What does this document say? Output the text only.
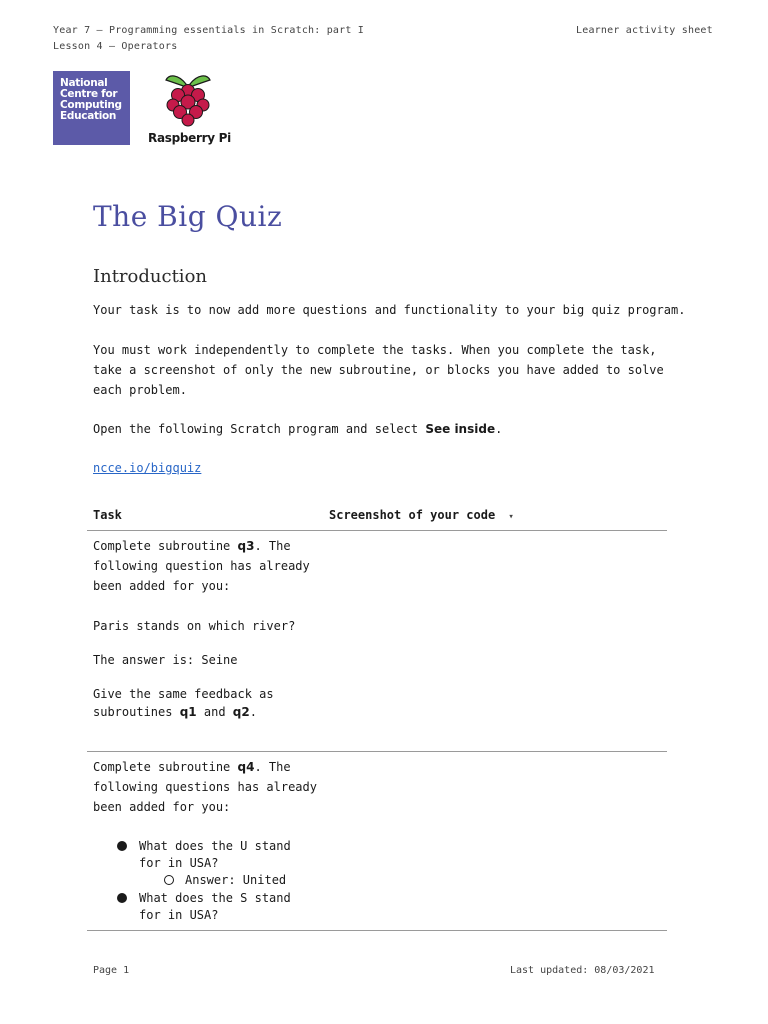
Year 7 – Programming essentials in Scratch: part I
Lesson 4 – Operators
Learner activity sheet
National
Centre for
Computing
Education
Raspberry Pi
The Big Quiz
Introduction
Your task is to now add more questions and functionality to your big quiz program.
You must work independently to complete the tasks. When you complete the task,
take a screenshot of only the new subroutine, or blocks you have added to solve
each problem.
Open the following Scratch program and select See inside.
ncce.io/bigquiz
Task	Screenshot of your code ▾
Complete subroutine q3. The
following question has already
been added for you:
Paris stands on which river?
The answer is: Seine
Give the same feedback as
subroutines q1 and q2.
Complete subroutine q4. The
following questions has already
been added for you:
What does the U stand
for in USA?
Answer: United
What does the S stand
for in USA?
Page 1	Last updated: 08/03/2021
